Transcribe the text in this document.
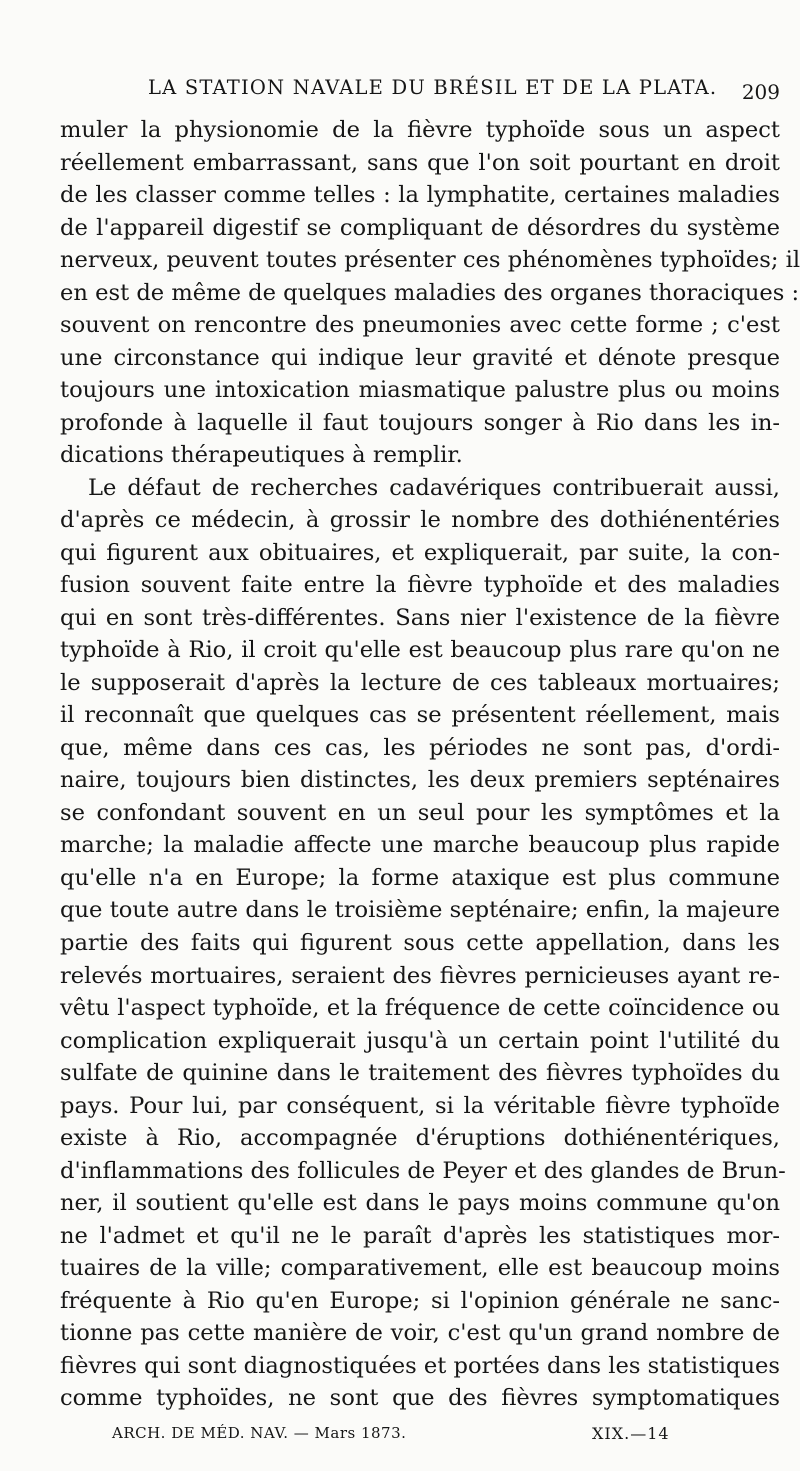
LA STATION NAVALE DU BRÉSIL ET DE LA PLATA. 209
muler la physionomie de la fièvre typhoïde sous un aspect
réellement embarrassant, sans que l'on soit pourtant en droit
de les classer comme telles : la lymphatite, certaines maladies
de l'appareil digestif se compliquant de désordres du système
nerveux, peuvent toutes présenter ces phénomènes typhoïdes; il
en est de même de quelques maladies des organes thoraciques :
souvent on rencontre des pneumonies avec cette forme ; c'est
une circonstance qui indique leur gravité et dénote presque
toujours une intoxication miasmatique palustre plus ou moins
profonde à laquelle il faut toujours songer à Rio dans les in-
dications thérapeutiques à remplir.
Le défaut de recherches cadavériques contribuerait aussi,
d'après ce médecin, à grossir le nombre des dothiénentéries
qui figurent aux obituaires, et expliquerait, par suite, la con-
fusion souvent faite entre la fièvre typhoïde et des maladies
qui en sont très-différentes. Sans nier l'existence de la fièvre
typhoïde à Rio, il croit qu'elle est beaucoup plus rare qu'on ne
le supposerait d'après la lecture de ces tableaux mortuaires;
il reconnaît que quelques cas se présentent réellement, mais
que, même dans ces cas, les périodes ne sont pas, d'ordi-
naire, toujours bien distinctes, les deux premiers septénaires
se confondant souvent en un seul pour les symptômes et la
marche; la maladie affecte une marche beaucoup plus rapide
qu'elle n'a en Europe; la forme ataxique est plus commune
que toute autre dans le troisième septénaire; enfin, la majeure
partie des faits qui figurent sous cette appellation, dans les
relevés mortuaires, seraient des fièvres pernicieuses ayant re-
vêtu l'aspect typhoïde, et la fréquence de cette coïncidence ou
complication expliquerait jusqu'à un certain point l'utilité du
sulfate de quinine dans le traitement des fièvres typhoïdes du
pays. Pour lui, par conséquent, si la véritable fièvre typhoïde
existe à Rio, accompagnée d'éruptions dothiénentériques,
d'inflammations des follicules de Peyer et des glandes de Brun-
ner, il soutient qu'elle est dans le pays moins commune qu'on
ne l'admet et qu'il ne le paraît d'après les statistiques mor-
tuaires de la ville; comparativement, elle est beaucoup moins
fréquente à Rio qu'en Europe; si l'opinion générale ne sanc-
tionne pas cette manière de voir, c'est qu'un grand nombre de
fièvres qui sont diagnostiquées et portées dans les statistiques
comme typhoïdes, ne sont que des fièvres symptomatiques
ARCH. DE MÉD. NAV. — Mars 1873.	XIX.—14
